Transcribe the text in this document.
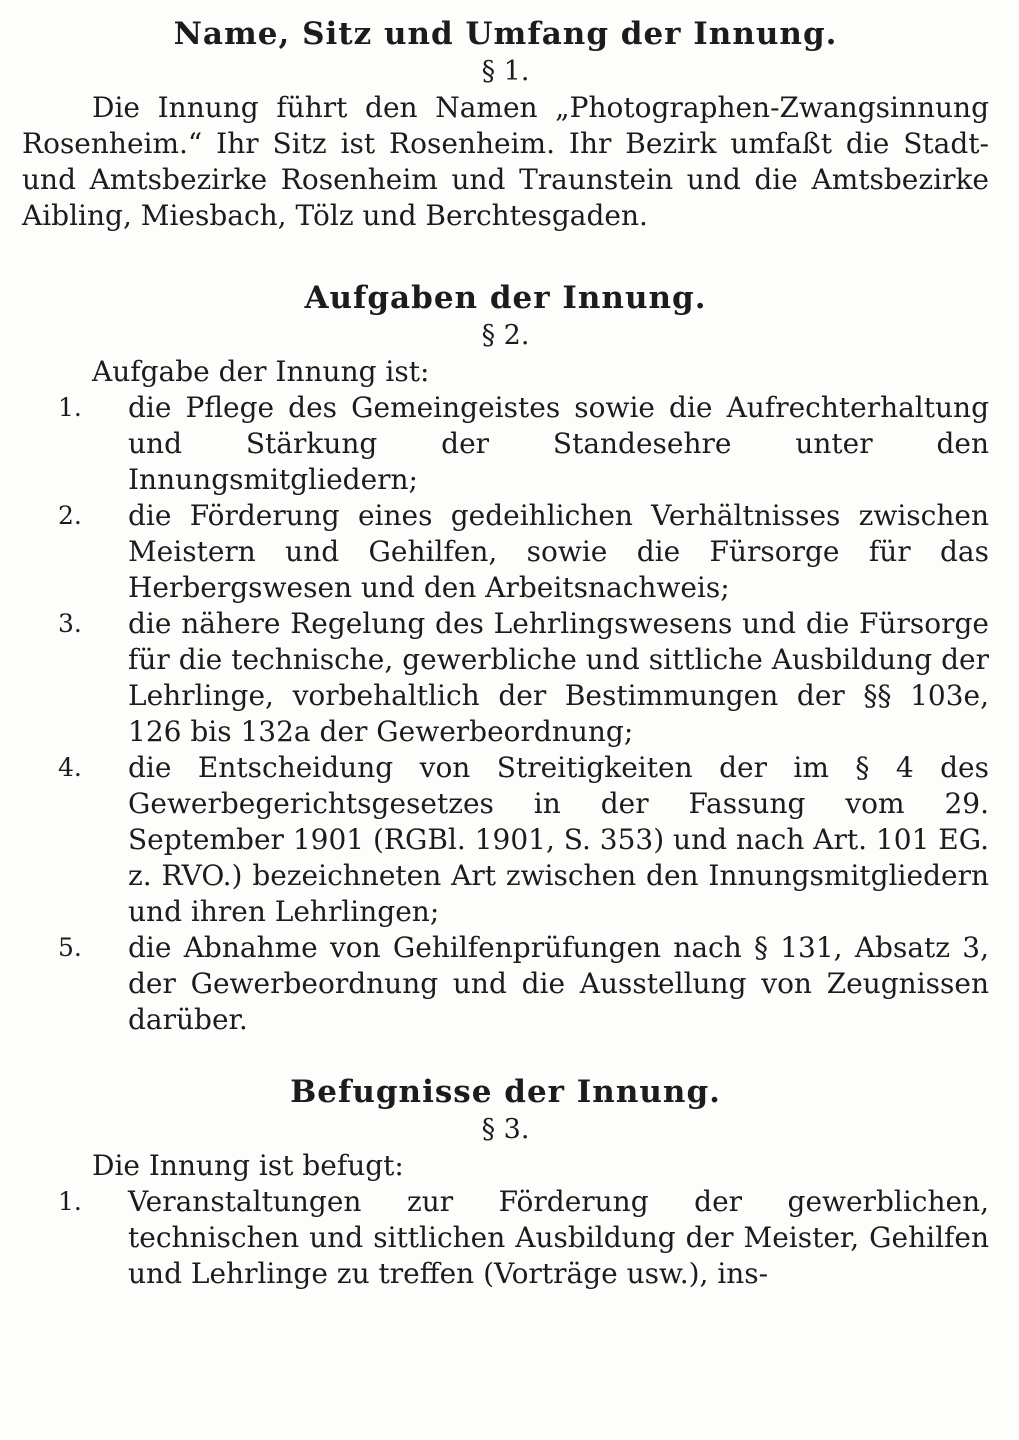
Name, Sitz und Umfang der Innung.
§ 1.

Die Innung führt den Namen „Photographen-Zwangsinnung Rosenheim.“ Ihr Sitz ist Rosenheim. Ihr Bezirk umfaßt die Stadt- und Amtsbezirke Rosenheim und Traunstein und die Amtsbezirke Aibling, Miesbach, Tölz und Berchtesgaden.

Aufgaben der Innung.
§ 2.

Aufgabe der Innung ist:

1. die Pflege des Gemeingeistes sowie die Aufrechterhaltung und Stärkung der Standesehre unter den Innungsmitgliedern;
2. die Förderung eines gedeihlichen Verhältnisses zwischen Meistern und Gehilfen, sowie die Fürsorge für das Herbergswesen und den Arbeitsnachweis;
3. die nähere Regelung des Lehrlingswesens und die Fürsorge für die technische, gewerbliche und sittliche Ausbildung der Lehrlinge, vorbehaltlich der Bestimmungen der §§ 103e, 126 bis 132a der Gewerbeordnung;
4. die Entscheidung von Streitigkeiten der im § 4 des Gewerbegerichtsgesetzes in der Fassung vom 29. September 1901 (RGBl. 1901, S. 353) und nach Art. 101 EG. z. RVO.) bezeichneten Art zwischen den Innungsmitgliedern und ihren Lehrlingen;
5. die Abnahme von Gehilfenprüfungen nach § 131, Absatz 3, der Gewerbeordnung und die Ausstellung von Zeugnissen darüber.
Befugnisse der Innung.
§ 3.

Die Innung ist befugt:

1. Veranstaltungen zur Förderung der gewerblichen, technischen und sittlichen Ausbildung der Meister, Gehilfen und Lehrlinge zu treffen (Vorträge usw.), ins-
